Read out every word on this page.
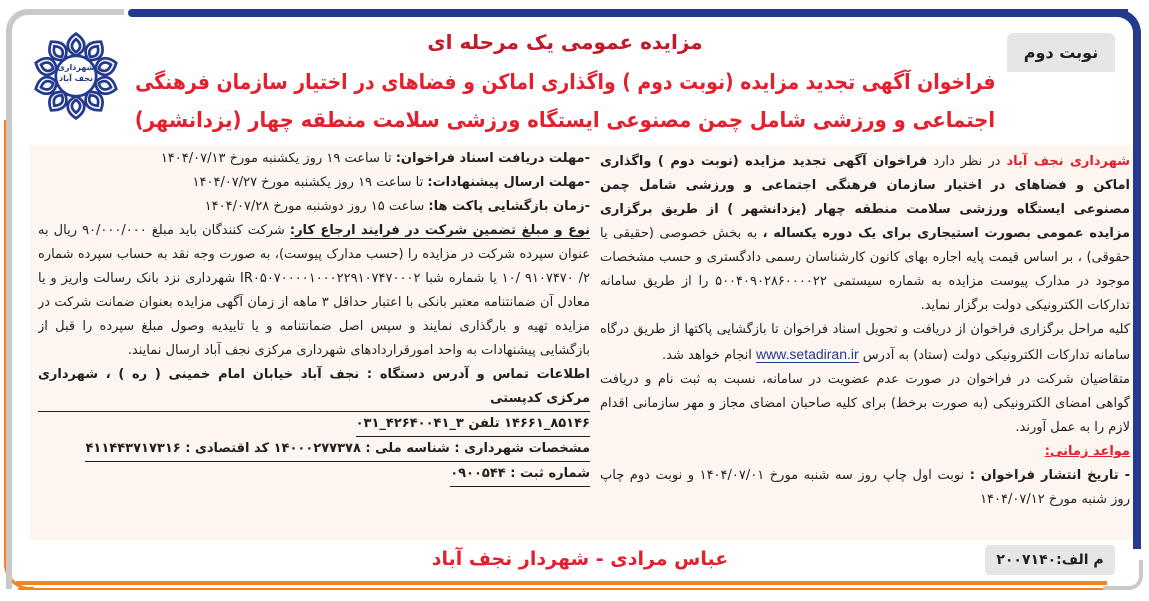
شهرداری
نجف آباد
نوبت دوم
مزایده عمومی یک مرحله ای
فراخوان آگهی تجدید مزایده (نوبت دوم ) واگذاری اماکن و فضاهای در اختیار سازمان فرهنگی
اجتماعی و ورزشی شامل چمن مصنوعی ایستگاه ورزشی سلامت منطقه چهار (یزدانشهر)

شهرداری نجف آباد در نظر دارد فراخوان آگهی تجدید مزایده (نوبت دوم ) واگذاری اماکن و فضاهای در اختیار سازمان فرهنگی اجتماعی و ورزشی شامل چمن مصنوعی ایستگاه ورزشی سلامت منطقه چهار (یزدانشهر ) از طریق برگزاری مزایده عمومی بصورت استیجاری برای یک دوره یکساله ، به بخش خصوصی (حقیقی یا حقوقی) ، بر اساس قیمت پایه اجاره بهای کانون کارشناسان رسمی دادگستری و حسب مشخصات موجود در مدارک پیوست مزایده به شماره سیستمی ۵۰۰۴۰۹۰۲۸۶۰۰۰۰۲۲ را از طریق سامانه تدارکات الکترونیکی دولت برگزار نماید.

کلیه مراحل برگزاری فراخوان از دریافت و تحویل اسناد فراخوان تا بازگشایی پاکتها از طریق درگاه سامانه تدارکات الکترونیکی دولت (ستاد) به آدرس www.setadiran.ir انجام خواهد شد.

متقاضیان شرکت در فراخوان در صورت عدم عضویت در سامانه، نسبت به ثبت نام و دریافت گواهی امضای الکترونیکی (به صورت برخط) برای کلیه صاحبان امضای مجاز و مهر سازمانی اقدام لازم را به عمل آورند.

مواعد زمانی:

- تاریخ انتشار فراخوان : نوبت اول چاپ روز سه شنبه مورخ ۱۴۰۴/۰۷/۰۱ و نوبت دوم چاپ روز شنبه مورخ ۱۴۰۴/۰۷/۱۲

-مهلت دریافت اسناد فراخوان: تا ساعت ۱۹ روز یکشنبه مورخ ۱۴۰۴/۰۷/۱۳

-مهلت ارسال پیشنهادات: تا ساعت ۱۹ روز یکشنبه مورخ ۱۴۰۴/۰۷/۲۷

-زمان بازگشایی پاکت ها: ساعت ۱۵ روز دوشنبه مورخ ۱۴۰۴/۰۷/۲۸

نوع و مبلغ تضمین شرکت در فرایند ارجاع کار: شرکت کنندگان باید مبلغ ۹۰/۰۰۰/۰۰۰ ریال به عنوان سپرده شرکت در مزایده را (حسب مدارک پیوست)، به صورت وجه نقد به حساب سپرده شماره ۲/ ۹۱۰۷۴۷۰ /۱۰ یا شماره شبا IR۰۵۰۷۰۰۰۰۱۰۰۰۲۲۹۱۰۷۴۷۰۰۰۲ شهرداری نزد بانک رسالت واریز و یا معادل آن ضمانتنامه معتبر بانکی با اعتبار حداقل ۳ ماهه از زمان آگهی مزایده بعنوان ضمانت شرکت در مزایده تهیه و بارگذاری نمایند و سپس اصل ضمانتنامه و یا تاییدیه وصول مبلغ سپرده را قبل از بازگشایی پیشنهادات به واحد امورقراردادهای شهرداری مرکزی نجف آباد ارسال نمایند.

اطلاعات تماس و آدرس دستگاه : نجف آباد خیابان امام خمینی ( ره ) ، شهرداری مرکزی کدپستی

۸۵۱۴۶_۱۴۶۶۱ تلفن ۳_۴۲۶۴۰۰۴۱_۰۳۱

مشخصات شهرداری : شناسه ملی : ۱۴۰۰۰۲۷۷۳۷۸ کد اقتصادی : ۴۱۱۴۴۳۷۱۷۳۱۶

شماره ثبت : ۰۹۰۰۵۴۴

م الف:۲۰۰۷۱۴۰
عباس مرادی - شهردار نجف آباد
